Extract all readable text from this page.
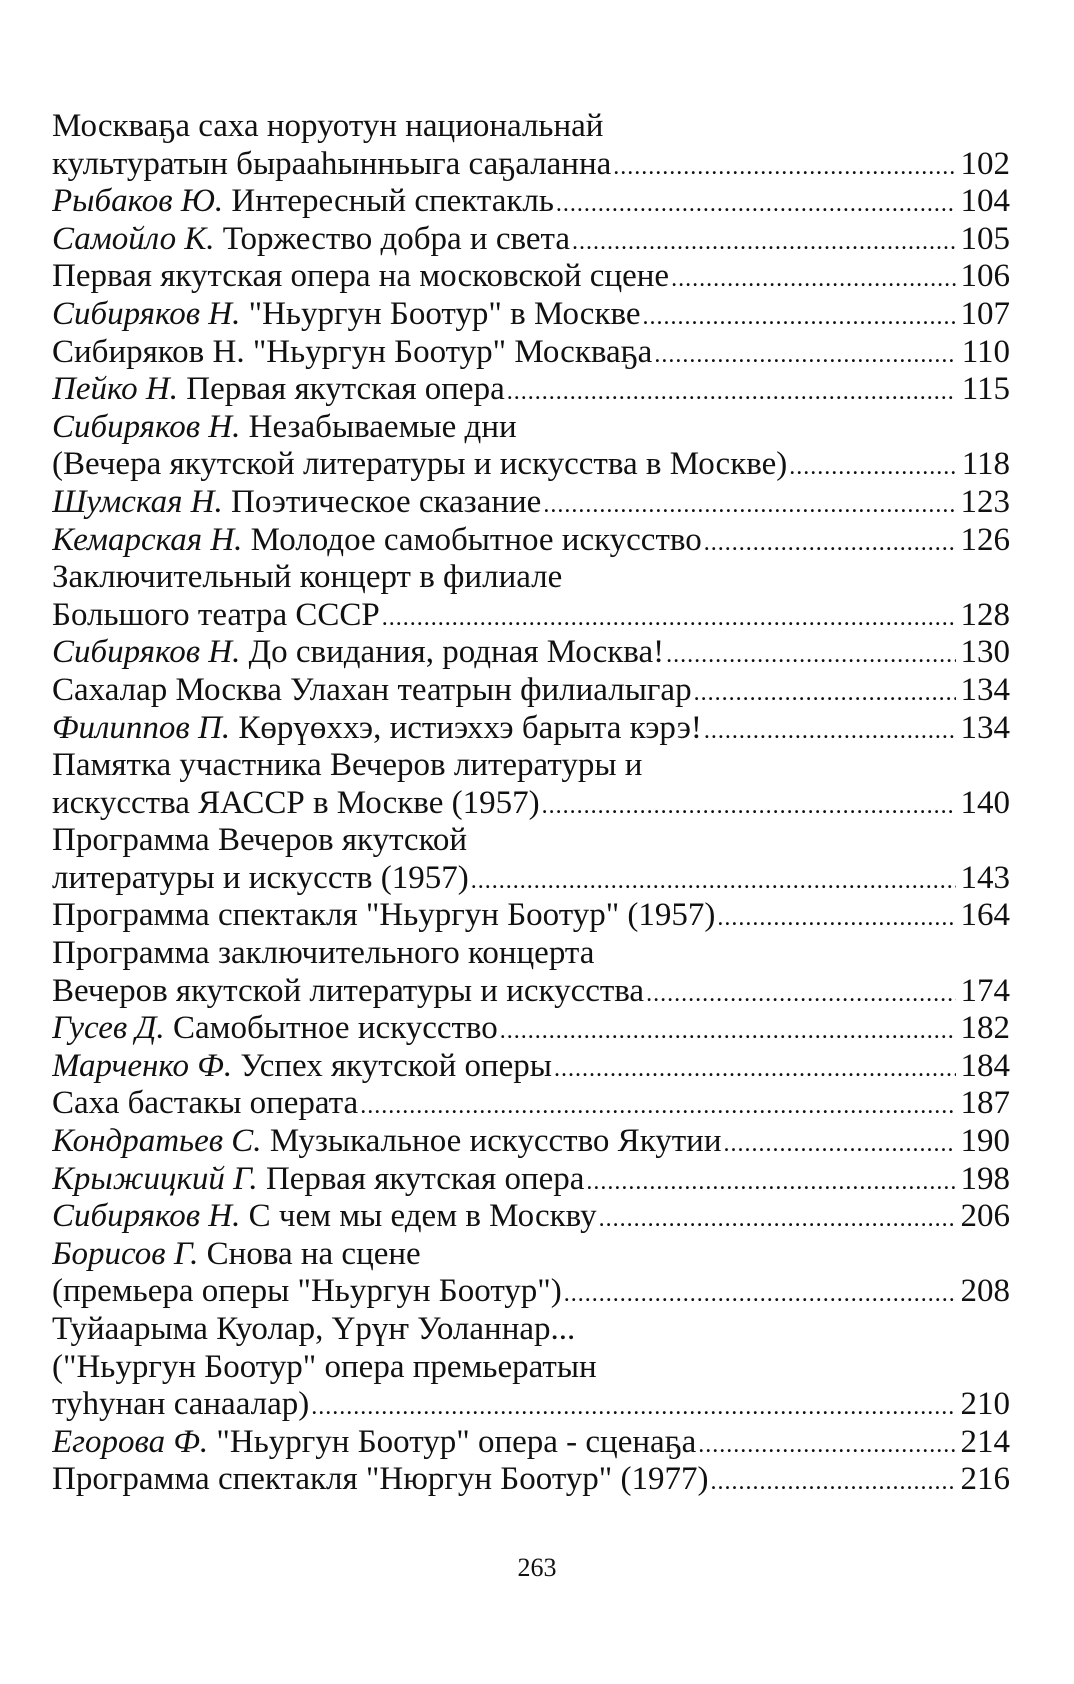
Москваҕа саха норуотун национальнай
культуратын бырааһынньыга саҕаланна .....	102
Рыбаков Ю. Интересный спектакль .....	104
Самойло К. Торжество добра и света .....	105
Первая якутская опера на московской сцене .....	106
Сибиряков Н. "Ньургун Боотур" в Москве .....	107
Сибиряков Н. "Ньургун Боотур" Москваҕа .....	110
Пейко Н. Первая якутская опера .....	115
Сибиряков Н. Незабываемые дни
(Вечера якутской литературы и искусства в Москве) .....	118
Шумская Н. Поэтическое сказание .....	123
Кемарская Н. Молодое самобытное искусство .....	126
Заключительный концерт в филиале
Большого театра СССР .....	128
Сибиряков Н. До свидания, родная Москва! .....	130
Сахалар Москва Улахан театрын филиалыгар .....	134
Филиппов П. Көрүөххэ, истиэххэ барыта кэрэ! .....	134
Памятка участника Вечеров литературы и
искусства ЯАССР в Москве (1957) .....	140
Программа Вечеров якутской
литературы и искусств (1957) .....	143
Программа спектакля "Ньургун Боотур" (1957) .....	164
Программа заключительного концерта
Вечеров якутской литературы и искусства .....	174
Гусев Д. Самобытное искусство .....	182
Марченко Ф. Успех якутской оперы .....	184
Саха бастакы операта .....	187
Кондратьев С. Музыкальное искусство Якутии .....	190
Крыжицкий Г. Первая якутская опера .....	198
Сибиряков Н. С чем мы едем в Москву .....	206
Борисов Г. Снова на сцене
(премьера оперы "Ньургун Боотур") .....	208
Туйаарыма Куолар, Үрүҥ Уоланнар...
("Ньургун Боотур" опера премьератын
туһунан санаалар) .....	210
Егорова Ф. "Ньургун Боотур" опера - сценаҕа .....	214
Программа спектакля "Нюргун Боотур" (1977) .....	216
263
